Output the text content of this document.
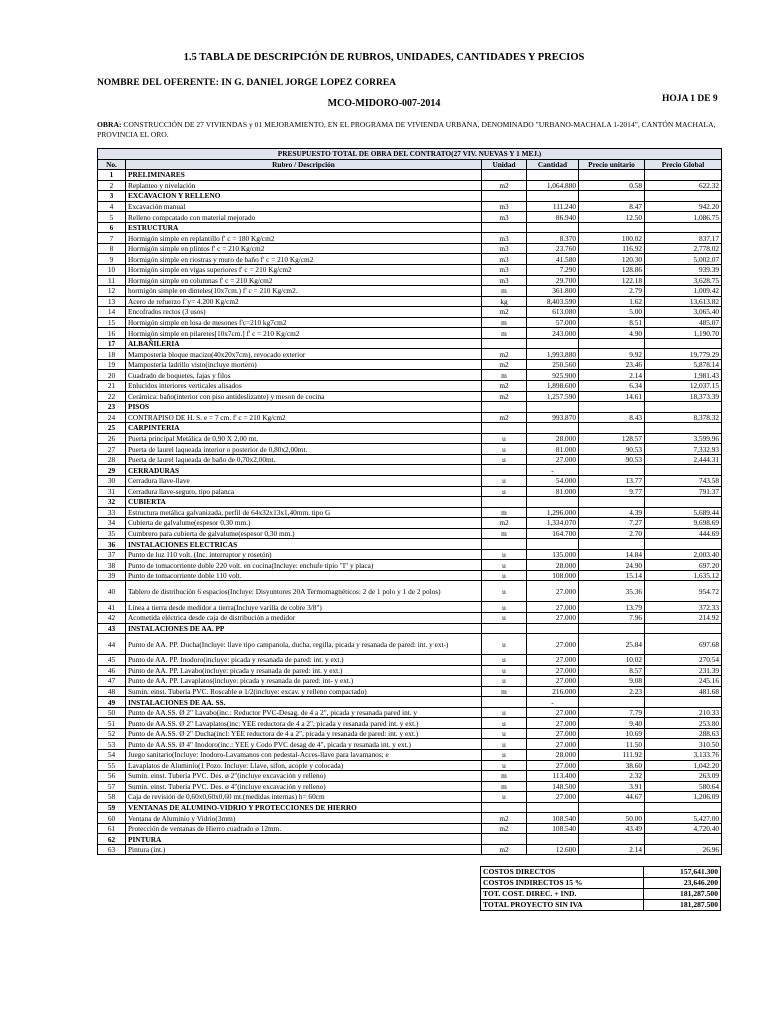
1.5 TABLA DE DESCRIPCIÓN DE RUBROS, UNIDADES, CANTIDADES Y PRECIOS
NOMBRE DEL OFERENTE: IN G. DANIEL JORGE LOPEZ CORREA
MCO-MIDORO-007-2014	HOJA 1 DE 9
OBRA: CONSTRUCCIÓN DE 27 VIVIENDAS y 01 MEJORAMIENTO, EN EL PROGRAMA DE VIVIENDA URBANA, DENOMINADO "URBANO-MACHALA 1-2014", CANTÓN MACHALA, PROVINCIA EL ORO.
PRESUPUESTO TOTAL DE OBRA DEL CONTRATO(27 VIV. NUEVAS Y 1 MEJ.)					
No.	Rubro / Descripción	Unidad	Cantidad	Precio unitario	Precio Global
1	PRELIMINARES				
2	Replanteo y nivelación	m2	1,064.880	0.58	622.32
3	EXCAVACION Y RELLENO				
4	Excavación manual	m3	111.240	8.47	942.20
5	Relleno compcatado con material mejorado	m3	86.940	12.50	1,086.75
6	ESTRUCTURA				
7	Hormigón simple en replantillo f' c = 180 Kg/cm2	m3	8.370	100.02	837.17
8	Hormigón simple en plintos f' c = 210 Kg/cm2	m3	23.760	116.92	2,778.02
9	Hormigón simple en riostras y muro de baño f' c = 210 Kg/cm2	m3	41.580	120.30	5,002.07
10	Hormigón simple en vigas superiores f' c = 210 Kg/cm2	m3	7.290	128.86	939.39
11	Hormigón simple en columnas f' c = 210 Kg/cm2	m3	29.700	122.18	3,628.75
12	hormigón simple en dinteles(10x7cm.) f' c = 210 Kg/cm2.	m	361.800	2.79	1,009.42
13	Acero de refuerzo f`y= 4.200 Kg/cm2	kg	8,403.590	1.62	13,613.82
14	Encofrados rectos (3 usos)	m2	613.080	5.00	3,065.40
15	Hormigón simple en losa de mesones f'c=210 kg7cm2	m	57.000	8.51	485.07
16	Hormigón simple en pilaretes[10x7cm.] f' c = 210 Kg/cm2	m	243.000	4.90	1,190.70
17	ALBAÑILERIA				
18	Mampostería bloque macizo(40x20x7cm), revocado exterior	m2	1,993.880	9.92	19,779.29
19	Mampostería ladrillo visto(incluye mortero)	m2	250.560	23.46	5,878.14
20	Cuadrado de boquetes, fajas y filos	m	925.900	2.14	1,981.43
21	Enlucidos interiores verticales alisados	m2	1,898.600	6.34	12,037.15
22	Cerámica: baño(interior con piso antideslizante) y meson de cocina	m2	1,257.590	14.61	18,373.39
23	PISOS				
24	CONTRAPISO DE H. S. e = 7 cm. f' c = 210 Kg/cm2	m2	993.870	8.43	8,378.32
25	CARPINTERIA				
26	Puerta principal Metálica de 0,90 X 2,00 mt.	u	28.000	128.57	3,599.96
27	Puerta de laurel laqueada interior o posterior de 0,80x2,00mt.	u	81.000	90.53	7,332.93
28	Puerta de laurel laqueada de baño de 0,70x2,00mt.	u	27.000	90.53	2,444.31
29	CERRADURAS		-		
30	Cerradura llave-llave	u	54.000	13.77	743.58
31	Cerradura llave-seguro, tipo palanca	u	81.000	9.77	791.37
32	CUBIERTA				
33	Estructura metálica galvanizada, perfil de 64x32x13x1,40mm. tipo G	m	1,296.000	4.39	5,689.44
34	Cubierta de galvalume(espesor 0,30 mm.)	m2	1,334.070	7.27	9,698.69
35	Cumbrero para cubierta de galvalume(espesor 0,30 mm.)	m	164.700	2.70	444.69
36	INSTALACIONES ELECTRICAS				
37	Punto de luz 110 volt. (Inc. interruptor y rosetón)	u	135.000	14.84	2,003.40
38	Punto de tomacorriente doble 220 volt. en cocina(Incluye: enchufe tipio "I" y placa)	u	28.000	24.90	697.20
39	Punto de tomacorriente doble 110 volt.	u	108.000	15.14	1,635.12
40	Tablero de distribución 6 espacios(Incluye: Disyuntores 20A Termomagnéticos: 2 de 1 polo y 1 de 2 polos)	u	27.000	35.36	954.72
41	Línea a tierra desde medidor a tierra(Incluye varilla de cobre 3/8")	u	27.000	13.79	372.33
42	Acometida eléctrica desde caja de distribución a medidor	u	27.000	7.96	214.92
43	INSTALACIONES DE AA. PP				
44	Punto de AA. PP. Ducha(Incluye: llave tipo campanola, ducha, regilla, picada y resanada de pared: int. y ext-)	u	27.000	25.84	697.68
45	Punto de AA. PP. Inodoro(incluye: picada y resanada de pared: int. y ext.)	u	27.000	10.02	270.54
46	Punto de AA. PP. Lavabo(incluye: picada y resanada de pared: int. y ext.)	u	27.000	8.57	231.39
47	Punto de AA. PP. Lavaplatos(incluye: picada y resanada de pared: int- y ext.)	u	27.000	9.08	245.16
48	Sumin. einst. Tubería PVC. Roscable ø 1/2(incluye: excav. y relleno compactado)	m	216.000	2.23	481.68
49	INSTALACIONES DE AA. SS.		-		
50	Punto de AA.SS. Ø 2" Lavabo(inc.: Reductor PVC-Desag. de 4 a 2", picada y resanada pared int. y	u	27.000	7.79	210.33
51	Punto de AA.SS. Ø 2" Lavaplatos(inc: YEE reductora de 4 a 2", picada y resanada pared int. y ext.)	u	27.000	9.40	253.80
52	Punto de AA.SS. Ø 2" Ducha(incl: YEE reductora de 4 a 2", picada y resanada de pared: int. y ext.)	u	27.000	10.69	288.63
53	Punto de AA.SS. Ø 4" Inodoro(inc.: YEE y Codo PVC desag de 4", picada y resanada int. y ext.)	u	27.000	11.50	310.50
54	Juego sanitario(Incluye: Inodoro-Lavamanos con pedestal-Acces-llave para lavamanos; e	u	28.000	111.92	3,133.76
55	Lavaplatos de Aluminio(1 Pozo. Incluye: Llave, sifon, acople y colocada)	u	27.000	38.60	1,042.20
56	Sumin. einst. Tubería PVC. Des. ø 2"(incluye excavación y relleno)	m	113.400	2.32	263.09
57	Sumin. einst. Tubería PVC. Des. ø 4"(incluye excavación y relleno)	m	148.500	3.91	580.64
58	Caja de revisión de 0,60x0,60x0,60 mt.(medidas internas) h= 60cm	u	27.000	44.67	1,206.09
59	VENTANAS DE ALUMINO-VIDRIO Y PROTECCIONES DE HIERRO				
60	Ventana de Aluminio y Vidrio(3mm)	m2	108.540	50.00	5,427.00
61	Protección de ventanas de Hierro cuadrado ø 12mm.	m2	108.540	43.49	4,720.40
62	PINTURA				
63	Pintura (int.)	m2	12.600	2.14	26.96
COSTOS DIRECTOS	157,641.300
COSTOS INDIRECTOS 15 %	23,646.200
TOT. COST. DIREC. + IND.	181,287.500
TOTAL PROYECTO SIN IVA	181,287.500
